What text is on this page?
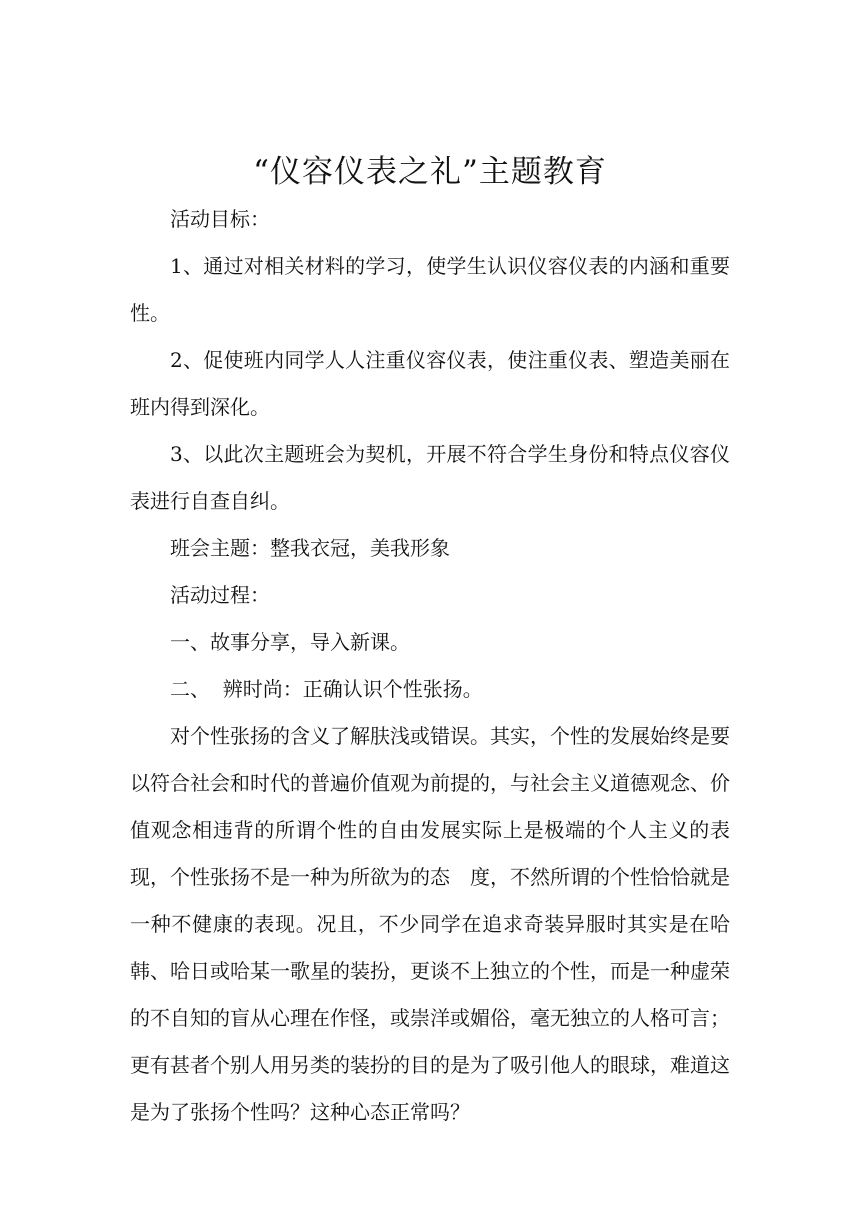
“仪容仪表之礼”主题教育

活动目标：

1、通过对相关材料的学习，使学生认识仪容仪表的内涵和重要性。

2、促使班内同学人人注重仪容仪表，使注重仪表、塑造美丽在班内得到深化。

3、以此次主题班会为契机，开展不符合学生身份和特点仪容仪表进行自查自纠。

班会主题：整我衣冠，美我形象

活动过程：

一、故事分享，导入新课。

二、  辨时尚：正确认识个性张扬。

对个性张扬的含义了解肤浅或错误。其实，个性的发展始终是要以符合社会和时代的普遍价值观为前提的，与社会主义道德观念、价值观念相违背的所谓个性的自由发展实际上是极端的个人主义的表现，个性张扬不是一种为所欲为的态　度，不然所谓的个性恰恰就是一种不健康的表现。况且，不少同学在追求奇装异服时其实是在哈韩、哈日或哈某一歌星的装扮，更谈不上独立的个性，而是一种虚荣的不自知的盲从心理在作怪，或崇洋或媚俗，毫无独立的人格可言；更有甚者个别人用另类的装扮的目的是为了吸引他人的眼球，难道这是为了张扬个性吗？这种心态正常吗？
